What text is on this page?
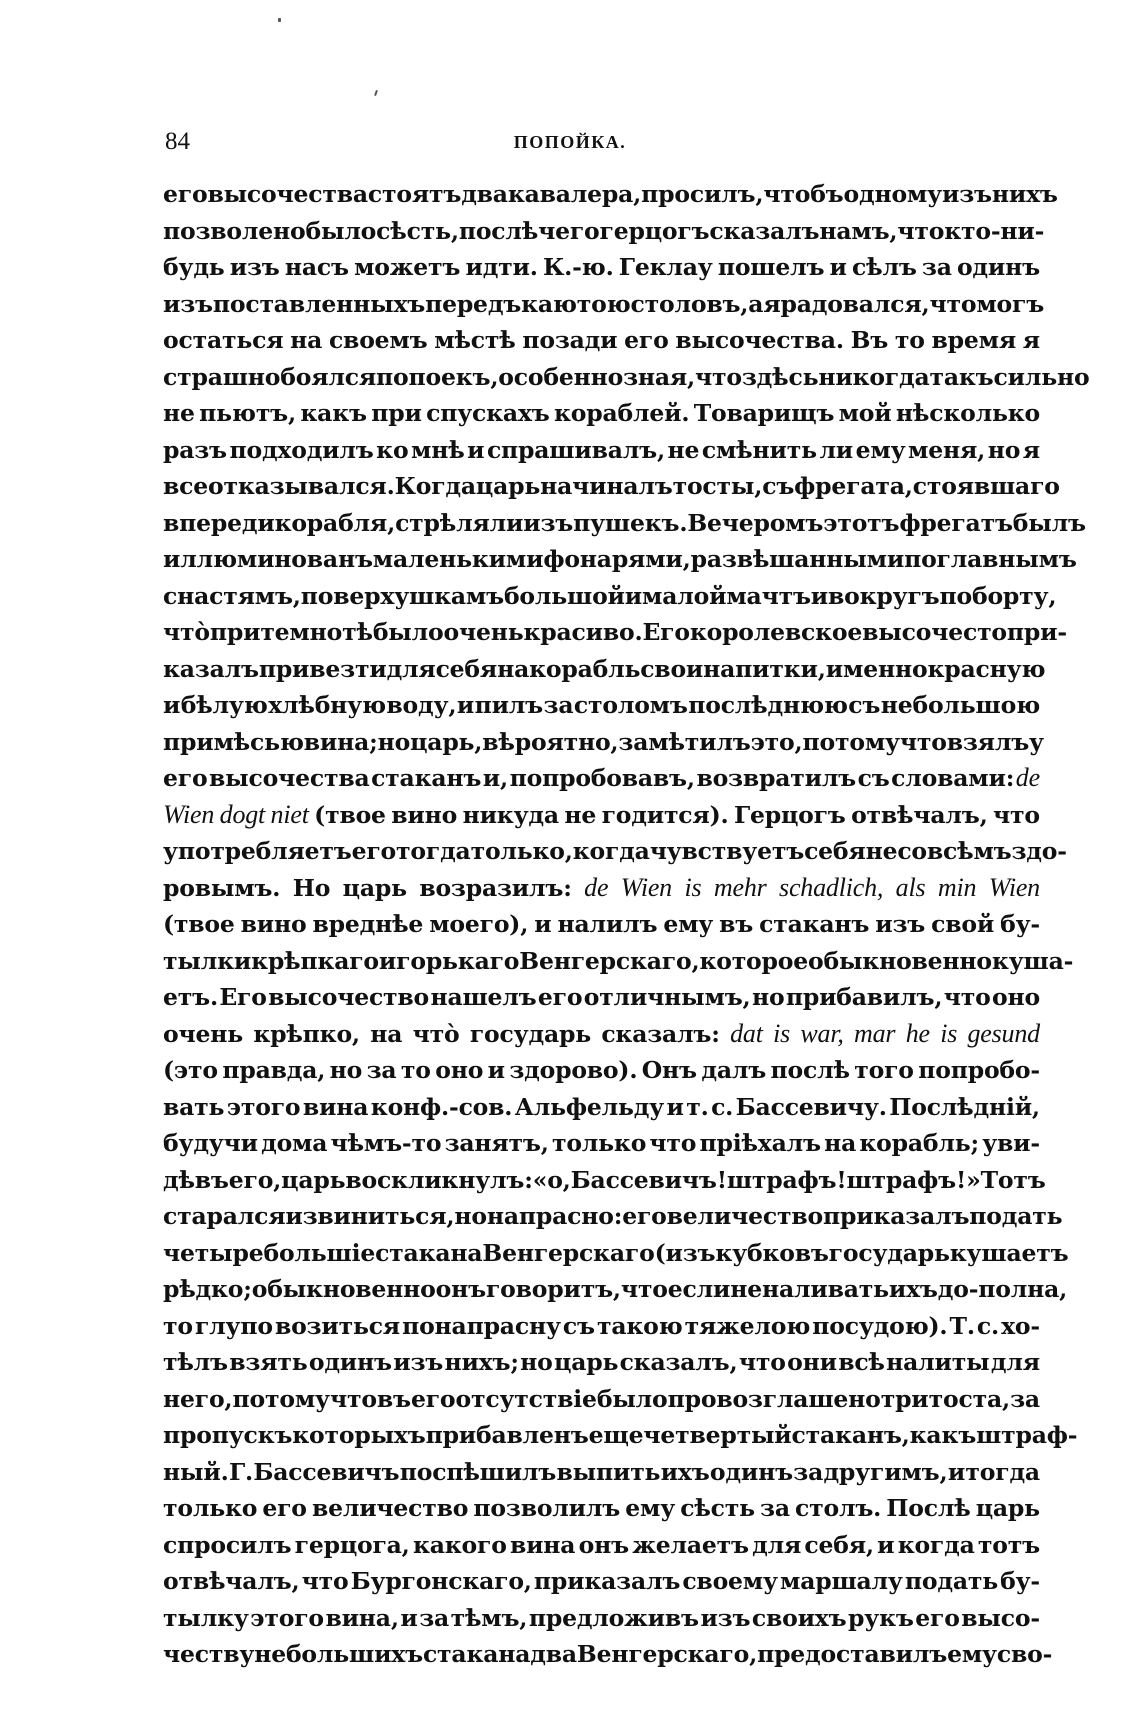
84	ПОПОЙКА.
его высочества стоятъ два кавалера, просилъ, чтобъ одному изъ нихъ
позволено было сѣсть, послѣ чего герцогъ сказалъ намъ, что кто-ни-
будь изъ насъ можетъ идти. К.-ю. Геклау пошелъ и сѣлъ за одинъ
изъ поставленныхъ передъ каютою столовъ, а я радовался, что могъ
остаться на своемъ мѣстѣ позади его высочества. Въ то время я
страшно боялся попоекъ, особенно зная, что здѣсь никогда такъ сильно
не пьютъ, какъ при спускахъ кораблей. Товарищъ мой нѣсколько
разъ подходилъ ко мнѣ и спрашивалъ, не смѣнить ли ему меня, но я
все отказывался. Когда царь начиналъ тосты, съ фрегата, стоявшаго
впереди корабля, стрѣляли изъ пушекъ. Вечеромъ этотъ фрегатъ былъ
иллюминованъ маленькими фонарями, развѣшанными по главнымъ
снастямъ, по верхушкамъ большой и малой мачтъ и вокругъ по борту,
что̀ при темнотѣ было очень красиво. Его королевское высочесто при-
казалъ привезти для себя на корабль свои напитки, именно красную
и бѣлую хлѣбную воду, и пилъ за столомъ послѣднюю съ небольшою
примѣсью вина; но царь, вѣроятно, замѣтилъ это, потому что взялъ у
его высочества стаканъ и, попробовавъ, возвратилъ съ словами: de
Wien dogt niet (твое вино никуда не годится). Герцогъ отвѣчалъ, что
употребляетъ его тогда только, когда чувствуетъ себя несовсѣмъ здо-
ровымъ. Но царь возразилъ: de Wien is mehr schadlich, als min Wien
(твое вино вреднѣе моего), и налилъ ему въ стаканъ изъ свой бу-
тылки крѣпкаго и горькаго Венгерскаго, которое обыкновенно куша-
етъ. Его высочество нашелъ его отличнымъ, но прибавилъ, что оно
очень крѣпко, на что̀ государь сказалъ: dat is war, mar he is gesund
(это правда, но за то оно и здорово). Онъ далъ послѣ того попробо-
вать этого вина конф.-сов. Альфельду и т. с. Бассевичу. Послѣдній,
будучи дома чѣмъ-то занятъ, только что пріѣхалъ на корабль; уви-
дѣвъ его, царь воскликнулъ: «о, Бассевичъ! штрафъ! штрафъ!» Тотъ
старался извиниться, но напрасно: его величество приказалъ подать
четыре большіе стакана Венгерскаго (изъ кубковъ государь кушаетъ
рѣдко; обыкновенно онъ говоритъ, что если не наливать ихъ до-полна,
то глупо возиться понапрасну съ такою тяжелою посудою). Т. с. хо-
тѣлъ взять одинъ изъ нихъ; но царь сказалъ, что они всѣ налиты для
него, потому что въ его отсутствіе было провозглашено три тоста, за
пропускъ которыхъ прибавленъ еще четвертый стаканъ, какъ штраф-
ный. Г. Бассевичъ поспѣшилъ выпить ихъ одинъ за другимъ, и тогда
только его величество позволилъ ему сѣсть за столъ. Послѣ царь
спросилъ герцога, какого вина онъ желаетъ для себя, и когда тотъ
отвѣчалъ, что Бургонскаго, приказалъ своему маршалу подать бу-
тылку этого вина, и за тѣмъ, предложивъ изъ своихъ рукъ его высо-
честву небольшихъ стакана два Венгерскаго, предоставилъ ему сво-
